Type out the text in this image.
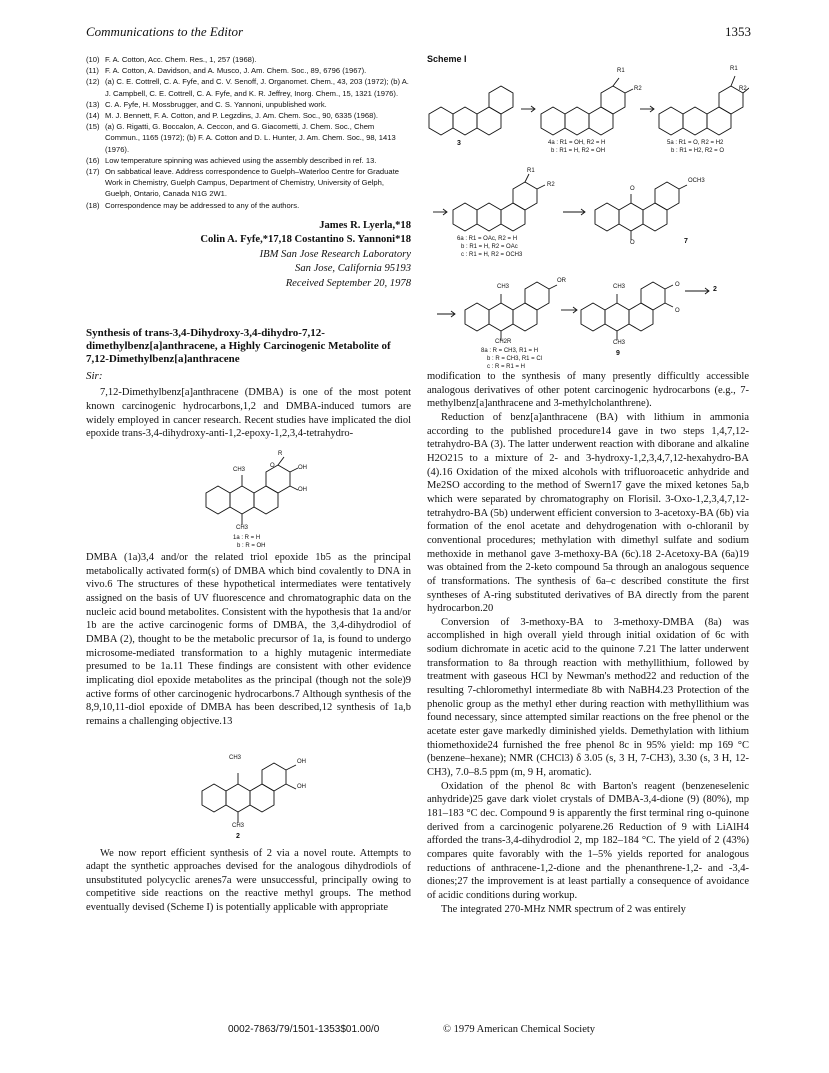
Communications to the Editor	1353
(10) F. A. Cotton, Acc. Chem. Res., 1, 257 (1968).
(11) F. A. Cotton, A. Davidson, and A. Musco, J. Am. Chem. Soc., 89, 6796 (1967).
(12) (a) C. E. Cottrell, C. A. Fyfe, and C. V. Senoff, J. Organomet. Chem., 43, 203 (1972); (b) A. J. Campbell, C. E. Cottrell, C. A. Fyfe, and K. R. Jeffrey, Inorg. Chem., 15, 1321 (1976).
(13) C. A. Fyfe, H. Mossbrugger, and C. S. Yannoni, unpublished work.
(14) M. J. Bennett, F. A. Cotton, and P. Legzdins, J. Am. Chem. Soc., 90, 6335 (1968).
(15) (a) G. Rigatti, G. Boccalon, A. Ceccon, and G. Giacometti, J. Chem. Soc., Chem Commun., 1165 (1972); (b) F. A. Cotton and D. L. Hunter, J. Am. Chem. Soc., 98, 1413 (1976).
(16) Low temperature spinning was achieved using the assembly described in ref. 13.
(17) On sabbatical leave. Address correspondence to Guelph–Waterloo Centre for Graduate Work in Chemistry, Guelph Campus, Department of Chemistry, University of Gelph, Guelph, Ontario, Canada N1G 2W1.
(18) Correspondence may be addressed to any of the authors.
James R. Lyerla,*18
Colin A. Fyfe,*17,18 Costantino S. Yannoni*18
IBM San Jose Research Laboratory
San Jose, California 95193
Received September 20, 1978
Synthesis of trans-3,4-Dihydroxy-3,4-dihydro-7,12-dimethylbenz[a]anthracene, a Highly Carcinogenic Metabolite of 7,12-Dimethylbenz[a]anthracene
Sir:
7,12-Dimethylbenz[a]anthracene (DMBA) is one of the most potent known carcinogenic hydrocarbons,1,2 and DMBA-induced tumors are widely employed in cancer research. Recent studies have implicated the diol epoxide trans-3,4-dihydroxy-anti-1,2-epoxy-1,2,3,4-tetrahydro-
CH3
R
OH
OH
O
CH3
1a : R = H
b : R = OH
DMBA (1a)3,4 and/or the related triol epoxide 1b5 as the principal metabolically activated form(s) of DMBA which bind covalently to DNA in vivo.6 The structures of these hypothetical intermediates were tentatively assigned on the basis of UV fluorescence and chromatographic data on the nucleic acid bound metabolites. Consistent with the hypothesis that 1a and/or 1b are the active carcinogenic forms of DMBA, the 3,4-dihydrodiol of DMBA (2), thought to be the metabolic precursor of 1a, is found to undergo microsome-mediated transformation to a highly mutagenic intermediate presumed to be 1a.11 These findings are consistent with other evidence implicating diol epoxide metabolites as the principal (though not the sole)9 active forms of other carcinogenic hydrocarbons.7 Although synthesis of the 8,9,10,11-diol epoxide of DMBA has been described,12 synthesis of 1a,b remains a challenging objective.13
CH3
OH
OH
CH3
2
We now report efficient synthesis of 2 via a novel route. Attempts to adapt the synthetic approaches devised for the analogous dihydrodiols of unsubstituted polycyclic arenes7a were unsuccessful, principally owing to competitive side reactions on the reactive methyl groups. The method eventually devised (Scheme I) is potentially applicable with appropriate
Scheme I
3
R1
R2
4a : R1 = OH, R2 = H
b : R1 = H, R2 = OH
R1
R2
5a : R1 = O, R2 = H2
b : R1 = H2, R2 = O
R1
R2
6a : R1 = OAc, R2 = H
b : R1 = H, R2 = OAc
c : R1 = H, R2 = OCH3
O
OCH3
O	7
CH3
OR
CH2R
8a : R = CH3, R1 = H
b : R = CH3, R1 = Cl
c : R = R1 = H
CH3	O
O
CH3
9
2
modification to the synthesis of many presently difficultly accessible analogous derivatives of other potent carcinogenic hydrocarbons (e.g., 7-methylbenz[a]anthracene and 3-methylcholanthrene).
Reduction of benz[a]anthracene (BA) with lithium in ammonia according to the published procedure14 gave in two steps 1,4,7,12-tetrahydro-BA (3). The latter underwent reaction with diborane and alkaline H2O215 to a mixture of 2- and 3-hydroxy-1,2,3,4,7,12-hexahydro-BA (4).16 Oxidation of the mixed alcohols with trifluoroacetic anhydride and Me2SO according to the method of Swern17 gave the mixed ketones 5a,b which were separated by chromatography on Florisil. 3-Oxo-1,2,3,4,7,12-tetrahydro-BA (5b) underwent efficient conversion to 3-acetoxy-BA (6b) via formation of the enol acetate and dehydrogenation with o-chloranil by conventional procedures; methylation with dimethyl sulfate and sodium methoxide in methanol gave 3-methoxy-BA (6c).18 2-Acetoxy-BA (6a)19 was obtained from the 2-keto compound 5a through an analogous sequence of transformations. The synthesis of 6a–c described constitute the first syntheses of A-ring substituted derivatives of BA directly from the parent hydrocarbon.20
Conversion of 3-methoxy-BA to 3-methoxy-DMBA (8a) was accomplished in high overall yield through initial oxidation of 6c with sodium dichromate in acetic acid to the quinone 7.21 The latter underwent transformation to 8a through reaction with methyllithium, followed by treatment with gaseous HCl by Newman's method22 and reduction of the resulting 7-chloromethyl intermediate 8b with NaBH4.23 Protection of the phenolic group as the methyl ether during reaction with methyllithium was found necessary, since attempted similar reactions on the free phenol or the acetate ester gave markedly diminished yields. Demethylation with lithium thiomethoxide24 furnished the free phenol 8c in 95% yield: mp 169 °C (benzene–hexane); NMR (CHCl3) δ 3.05 (s, 3 H, 7-CH3), 3.30 (s, 3 H, 12-CH3), 7.0–8.5 ppm (m, 9 H, aromatic).
Oxidation of the phenol 8c with Barton's reagent (benzeneselenic anhydride)25 gave dark violet crystals of DMBA-3,4-dione (9) (80%), mp 181–183 °C dec. Compound 9 is apparently the first terminal ring o-quinone derived from a carcinogenic polyarene.26 Reduction of 9 with LiAlH4 afforded the trans-3,4-dihydrodiol 2, mp 182–184 °C. The yield of 2 (43%) compares quite favorably with the 1–5% yields reported for analogous reductions of anthracene-1,2-dione and the phenanthrene-1,2- and -3,4-diones;27 the improvement is at least partially a consequence of avoidance of acidic conditions during workup.
The integrated 270-MHz NMR spectrum of 2 was entirely
0002-7863/79/1501-1353$01.00/0	© 1979 American Chemical Society
